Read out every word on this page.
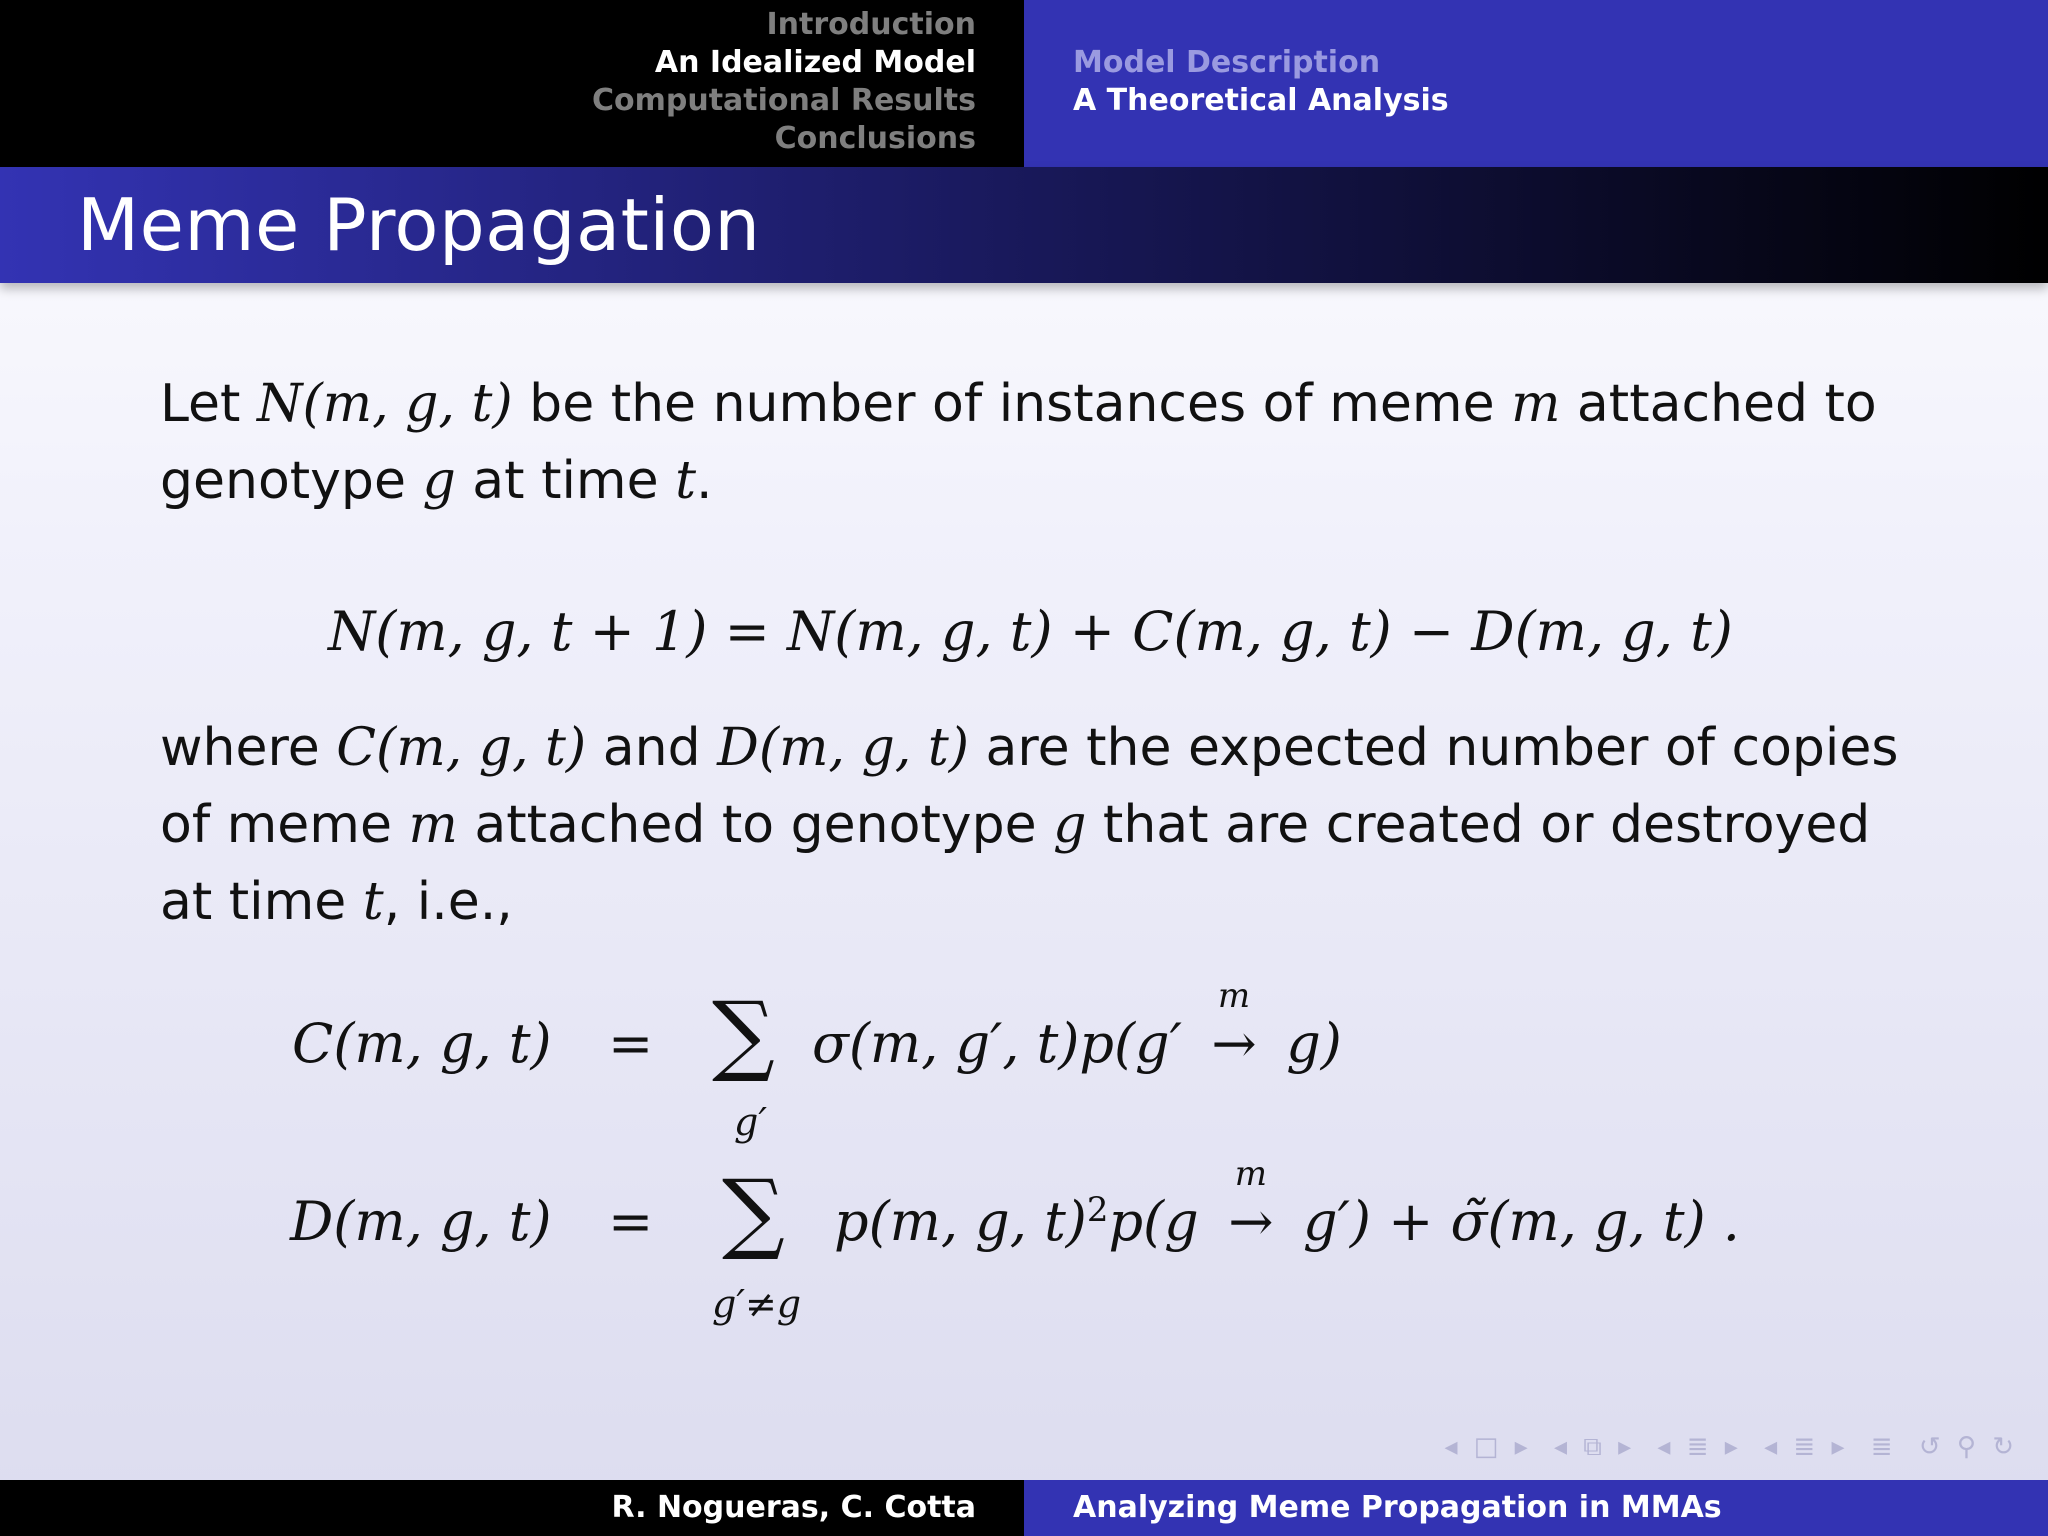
Introduction
An Idealized Model
Computational Results
Conclusions
Model Description
A Theoretical Analysis
Meme Propagation
Let N(m, g, t) be the number of instances of meme m attached to genotype g at time t.
N(m, g, t + 1) = N(m, g, t) + C(m, g, t) − D(m, g, t)
where C(m, g, t) and D(m, g, t) are the expected number of copies of meme m attached to genotype g that are created or destroyed at time t, i.e.,
C(m, g, t) = ∑
g′
σ(m, g′, t)p(g′
m
→ g)
D(m, g, t) = ∑
g′≠g
p(m, g, t)$^2$p(g
m
→ g′) + σ̃(m, g, t) .
◂ □ ▸ ◂ ⧉ ▸ ◂ ≣ ▸ ◂ ≣ ▸ ≣ ↺ ⚲ ↻
R. Nogueras, C. Cotta	Analyzing Meme Propagation in MMAs
